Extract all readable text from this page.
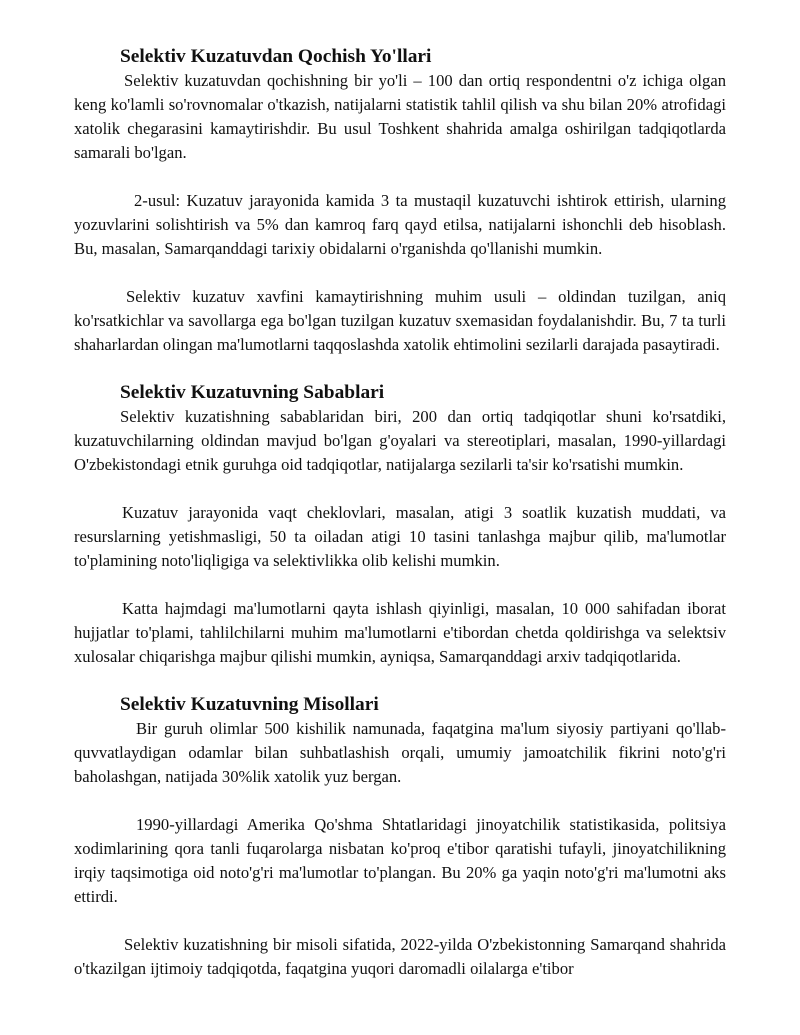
Selektiv Kuzatuvdan Qochish Yo'llari

Selektiv kuzatuvdan qochishning bir yo'li – 100 dan ortiq respondentni o'z ichiga olgan keng ko'lamli so'rovnomalar o'tkazish, natijalarni statistik tahlil qilish va shu bilan 20% atrofidagi xatolik chegarasini kamaytirishdir. Bu usul Toshkent shahrida amalga oshirilgan tadqiqotlarda samarali bo'lgan.

2-usul: Kuzatuv jarayonida kamida 3 ta mustaqil kuzatuvchi ishtirok ettirish, ularning yozuvlarini solishtirish va 5% dan kamroq farq qayd etilsa, natijalarni ishonchli deb hisoblash. Bu, masalan, Samarqanddagi tarixiy obidalarni o'rganishda qo'llanishi mumkin.

Selektiv kuzatuv xavfini kamaytirishning muhim usuli – oldindan tuzilgan, aniq ko'rsatkichlar va savollarga ega bo'lgan tuzilgan kuzatuv sxemasidan foydalanishdir. Bu, 7 ta turli shaharlardan olingan ma'lumotlarni taqqoslashda xatolik ehtimolini sezilarli darajada pasaytiradi.

Selektiv Kuzatuvning Sabablari

Selektiv kuzatishning sabablaridan biri, 200 dan ortiq tadqiqotlar shuni ko'rsatdiki, kuzatuvchilarning oldindan mavjud bo'lgan g'oyalari va stereotiplari, masalan, 1990-yillardagi O'zbekistondagi etnik guruhga oid tadqiqotlar, natijalarga sezilarli ta'sir ko'rsatishi mumkin.

Kuzatuv jarayonida vaqt cheklovlari, masalan, atigi 3 soatlik kuzatish muddati, va resurslarning yetishmasligi, 50 ta oiladan atigi 10 tasini tanlashga majbur qilib, ma'lumotlar to'plamining noto'liqligiga va selektivlikka olib kelishi mumkin.

Katta hajmdagi ma'lumotlarni qayta ishlash qiyinligi, masalan, 10 000 sahifadan iborat hujjatlar to'plami, tahlilchilarni muhim ma'lumotlarni e'tibordan chetda qoldirishga va selektsiv xulosalar chiqarishga majbur qilishi mumkin, ayniqsa, Samarqanddagi arxiv tadqiqotlarida.

Selektiv Kuzatuvning Misollari

Bir guruh olimlar 500 kishilik namunada, faqatgina ma'lum siyosiy partiyani qo'llab-quvvatlaydigan odamlar bilan suhbatlashish orqali, umumiy jamoatchilik fikrini noto'g'ri baholashgan, natijada 30%lik xatolik yuz bergan.

1990-yillardagi Amerika Qo'shma Shtatlaridagi jinoyatchilik statistikasida, politsiya xodimlarining qora tanli fuqarolarga nisbatan ko'proq e'tibor qaratishi tufayli, jinoyatchilikning irqiy taqsimotiga oid noto'g'ri ma'lumotlar to'plangan. Bu 20% ga yaqin noto'g'ri ma'lumotni aks ettirdi.

Selektiv kuzatishning bir misoli sifatida, 2022-yilda O'zbekistonning Samarqand shahrida o'tkazilgan ijtimoiy tadqiqotda, faqatgina yuqori daromadli oilalarga e'tibor
